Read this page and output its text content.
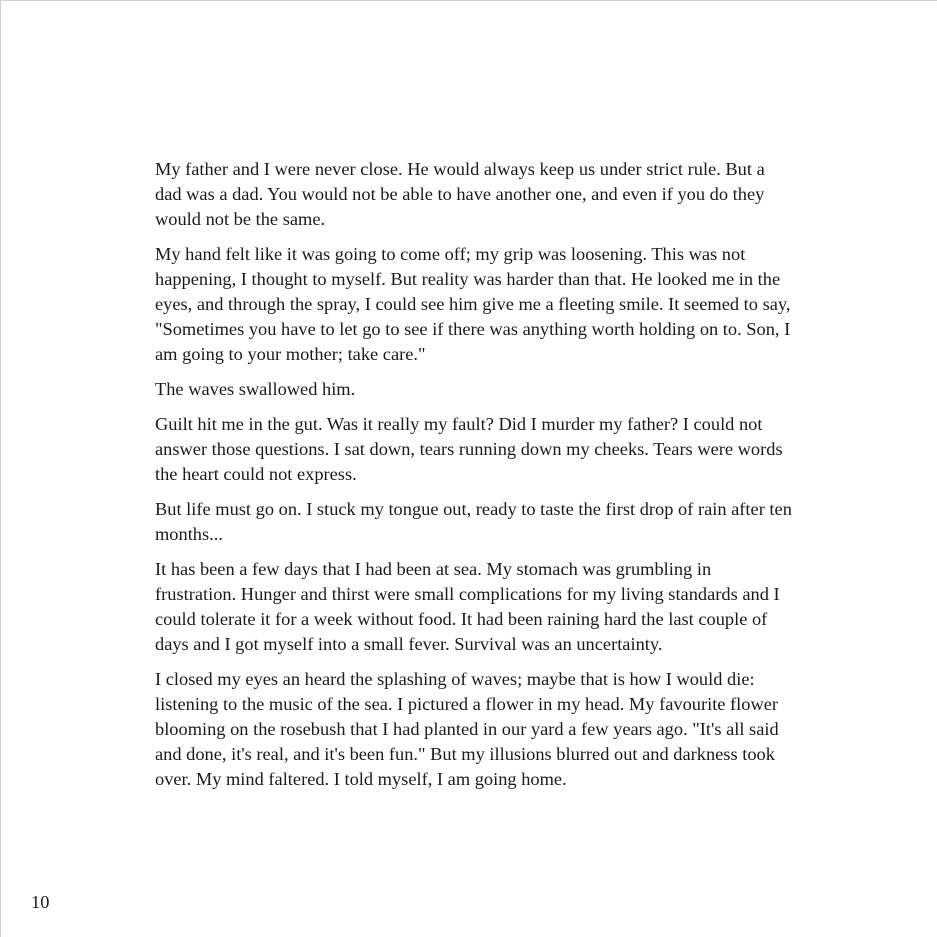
My father and I were never close. He would always keep us under strict rule. But a dad was a dad. You would not be able to have another one, and even if you do they would not be the same.

My hand felt like it was going to come off; my grip was loosening. This was not happening, I thought to myself. But reality was harder than that. He looked me in the eyes, and through the spray, I could see him give me a fleeting smile. It seemed to say, "Sometimes you have to let go to see if there was anything worth holding on to. Son, I am going to your mother; take care."

The waves swallowed him.

Guilt hit me in the gut. Was it really my fault? Did I murder my father? I could not answer those questions. I sat down, tears running down my cheeks. Tears were words the heart could not express.

But life must go on. I stuck my tongue out, ready to taste the first drop of rain after ten months...

It has been a few days that I had been at sea. My stomach was grumbling in frustration. Hunger and thirst were small complications for my living standards and I could tolerate it for a week without food. It had been raining hard the last couple of days and I got myself into a small fever. Survival was an uncertainty.

I closed my eyes an heard the splashing of waves; maybe that is how I would die: listening to the music of the sea. I pictured a flower in my head. My favourite flower blooming on the rosebush that I had planted in our yard a few years ago. "It's all said and done, it's real, and it's been fun." But my illusions blurred out and darkness took over. My mind faltered. I told myself, I am going home.

10
